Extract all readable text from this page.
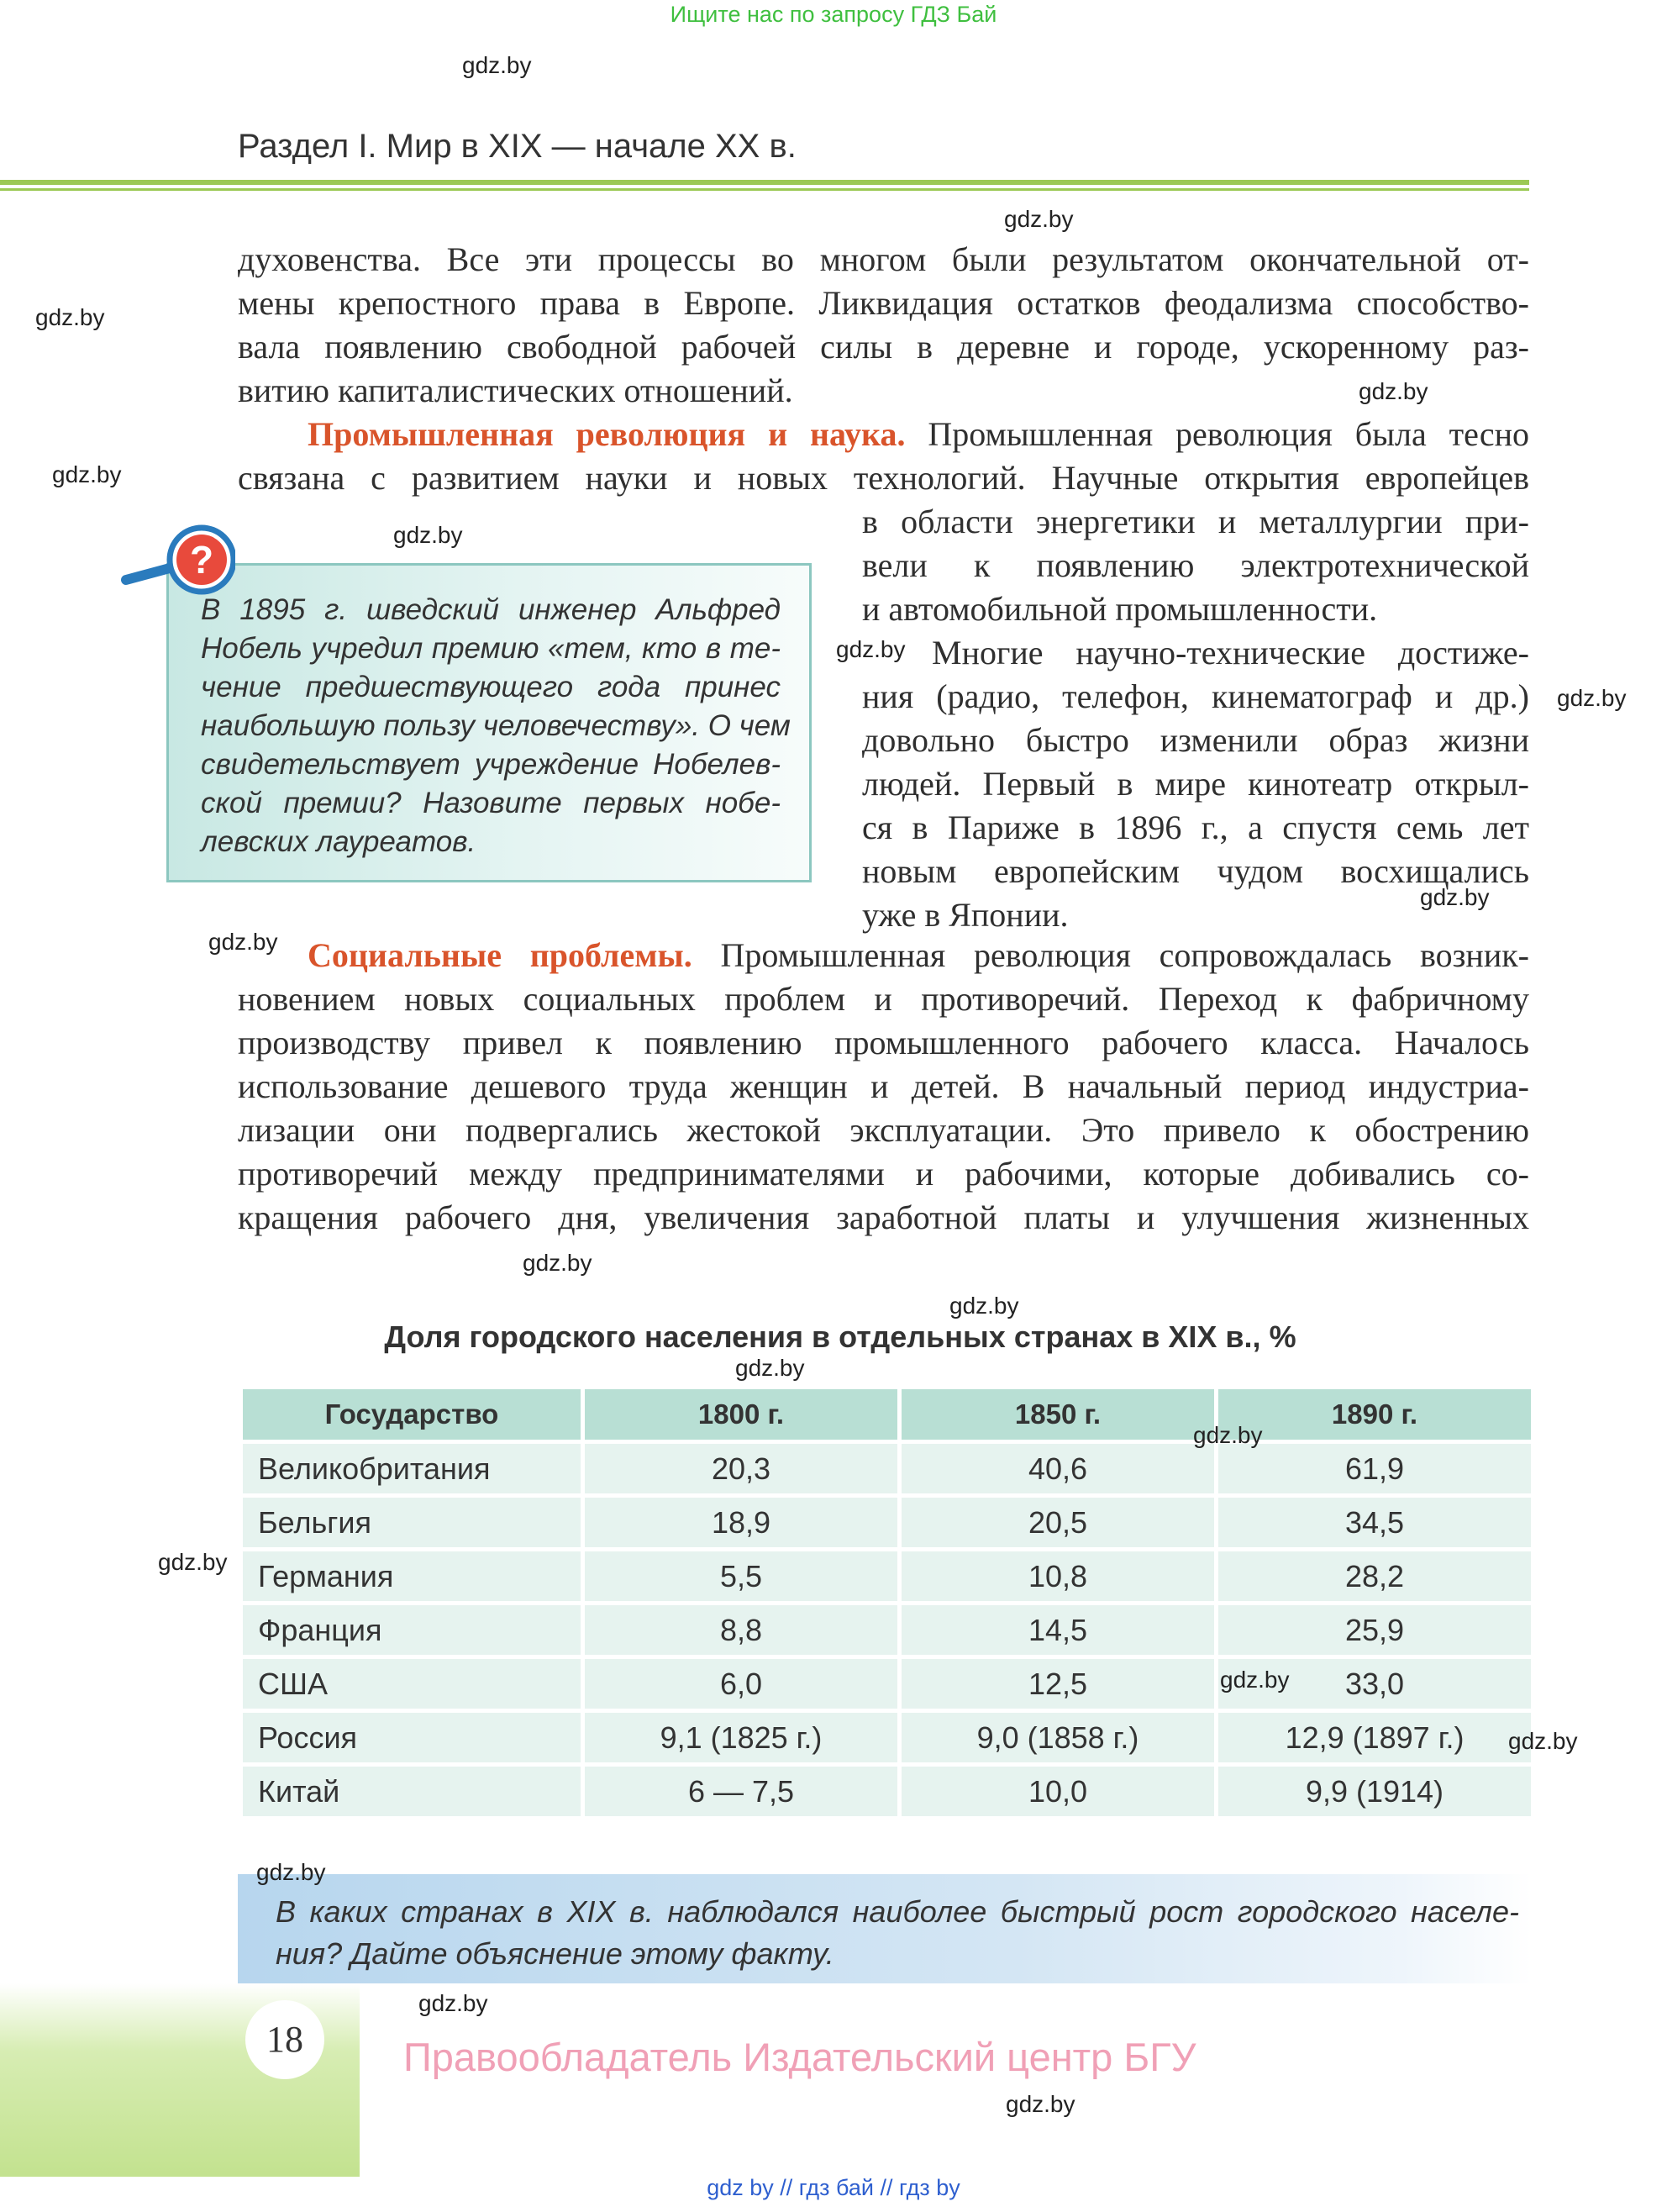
Ищите нас по запросу ГДЗ Бай
Раздел I. Мир в XIX — начале XX в.
духовенства. Все эти процессы во многом были результатом окончательной от-
мены крепостного права в Европе. Ликвидация остатков феодализма способство-
вала появлению свободной рабочей силы в деревне и городе, ускоренному раз-
витию капиталистических отношений.
Промышленная революция и наука. Промышленная революция была тесно
связана с развитием науки и новых технологий. Научные открытия европейцев
в области энергетики и металлургии при-
вели к появлению электротехнической
и автомобильной промышленности.
Многие научно-технические достиже-
ния (радио, телефон, кинематограф и др.)
довольно быстро изменили образ жизни
людей. Первый в мире кинотеатр открыл-
ся в Париже в 1896 г., а спустя семь лет
новым европейским чудом восхищались
уже в Японии.
В 1895 г. шведский инженер Альфред
Нобель учредил премию «тем, кто в те-
чение предшествующего года принес
наибольшую пользу человечеству». О чем
свидетельствует учреждение Нобелев-
ской премии? Назовите первых нобе-
левских лауреатов.
?
Социальные проблемы. Промышленная революция сопровождалась возник-
новением новых социальных проблем и противоречий. Переход к фабричному
производству привел к появлению промышленного рабочего класса. Началось
использование дешевого труда женщин и детей. В начальный период индустриа-
лизации они подвергались жестокой эксплуатации. Это привело к обострению
противоречий между предпринимателями и рабочими, которые добивались со-
кращения рабочего дня, увеличения заработной платы и улучшения жизненных
Доля городского населения в отдельных странах в XIX в., %
Государство	1800 г.	1850 г.	1890 г.
Великобритания	20,3	40,6	61,9
Бельгия	18,9	20,5	34,5
Германия	5,5	10,8	28,2
Франция	8,8	14,5	25,9
США	6,0	12,5	33,0
Россия	9,1 (1825 г.)	9,0 (1858 г.)	12,9 (1897 г.)
Китай	6 — 7,5	10,0	9,9 (1914)
В каких странах в XIX в. наблюдался наиболее быстрый рост городского населе-
ния? Дайте объяснение этому факту.
18	Правообладатель Издательский центр БГУ
gdz by // гдз бай // гдз by
gdz.by
gdz.by
gdz.by
gdz.by
gdz.by
gdz.by
gdz.by
gdz.by
gdz.by
gdz.by
gdz.by
gdz.by
gdz.by
gdz.by
gdz.by
gdz.by
gdz.by
gdz.by
gdz.by
gdz.by
